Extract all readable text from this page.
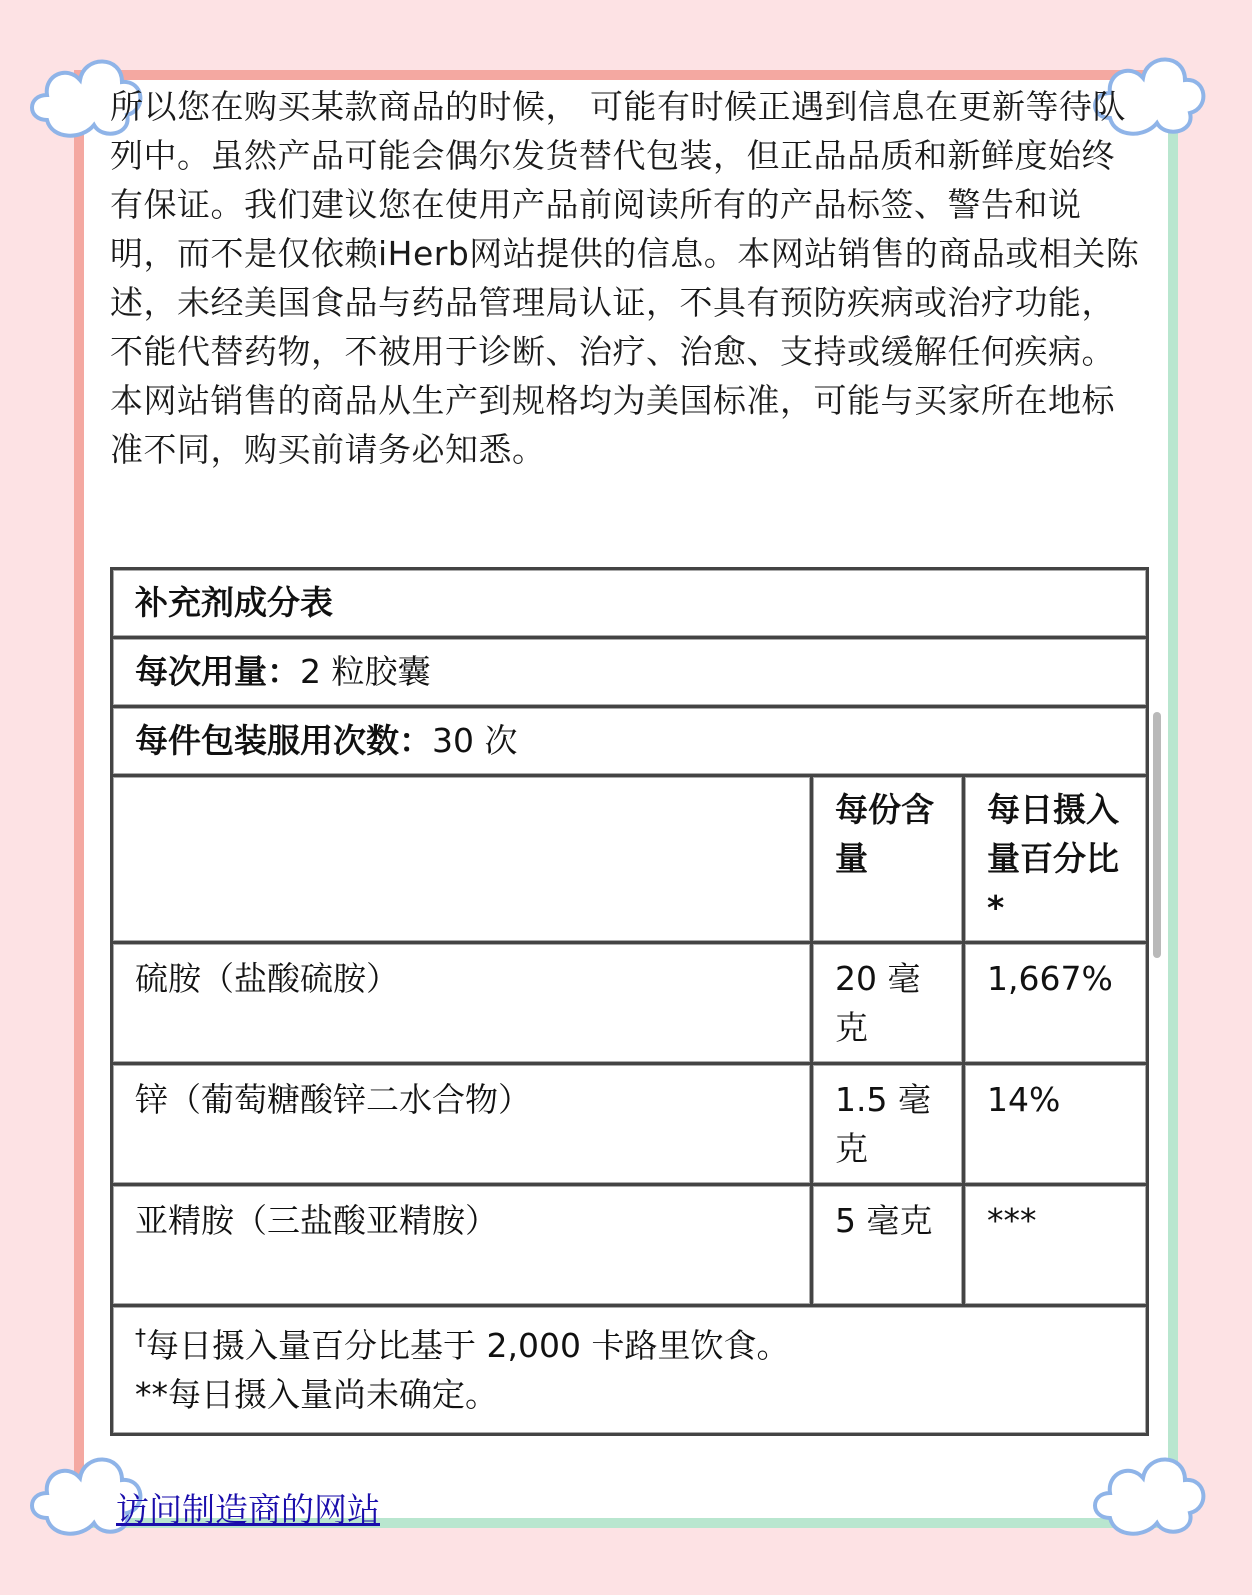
所以您在购买某款商品的时候， 可能有时候正遇到信息在更新等待队列中。虽然产品可能会偶尔发货替代包装，但正品品质和新鲜度始终有保证。我们建议您在使用产品前阅读所有的产品标签、警告和说明，而不是仅依赖iHerb网站提供的信息。本网站销售的商品或相关陈述，未经美国食品与药品管理局认证，不具有预防疾病或治疗功能，不能代替药物，不被用于诊断、治疗、治愈、支持或缓解任何疾病。本网站销售的商品从生产到规格均为美国标准，可能与买家所在地标准不同，购买前请务必知悉。

补充剂成分表		
每次用量：2 粒胶囊		
每件包装服用次数：30 次		
	每份含量	每日摄入量百分比*
硫胺（盐酸硫胺）	20 毫克	1,667%
锌（葡萄糖酸锌二水合物）	1.5 毫克	14%
亚精胺（三盐酸亚精胺）	5 毫克	***

†每日摄入量百分比基于 2,000 卡路里饮食。
**每日摄入量尚未确定。		
访问制造商的网站
